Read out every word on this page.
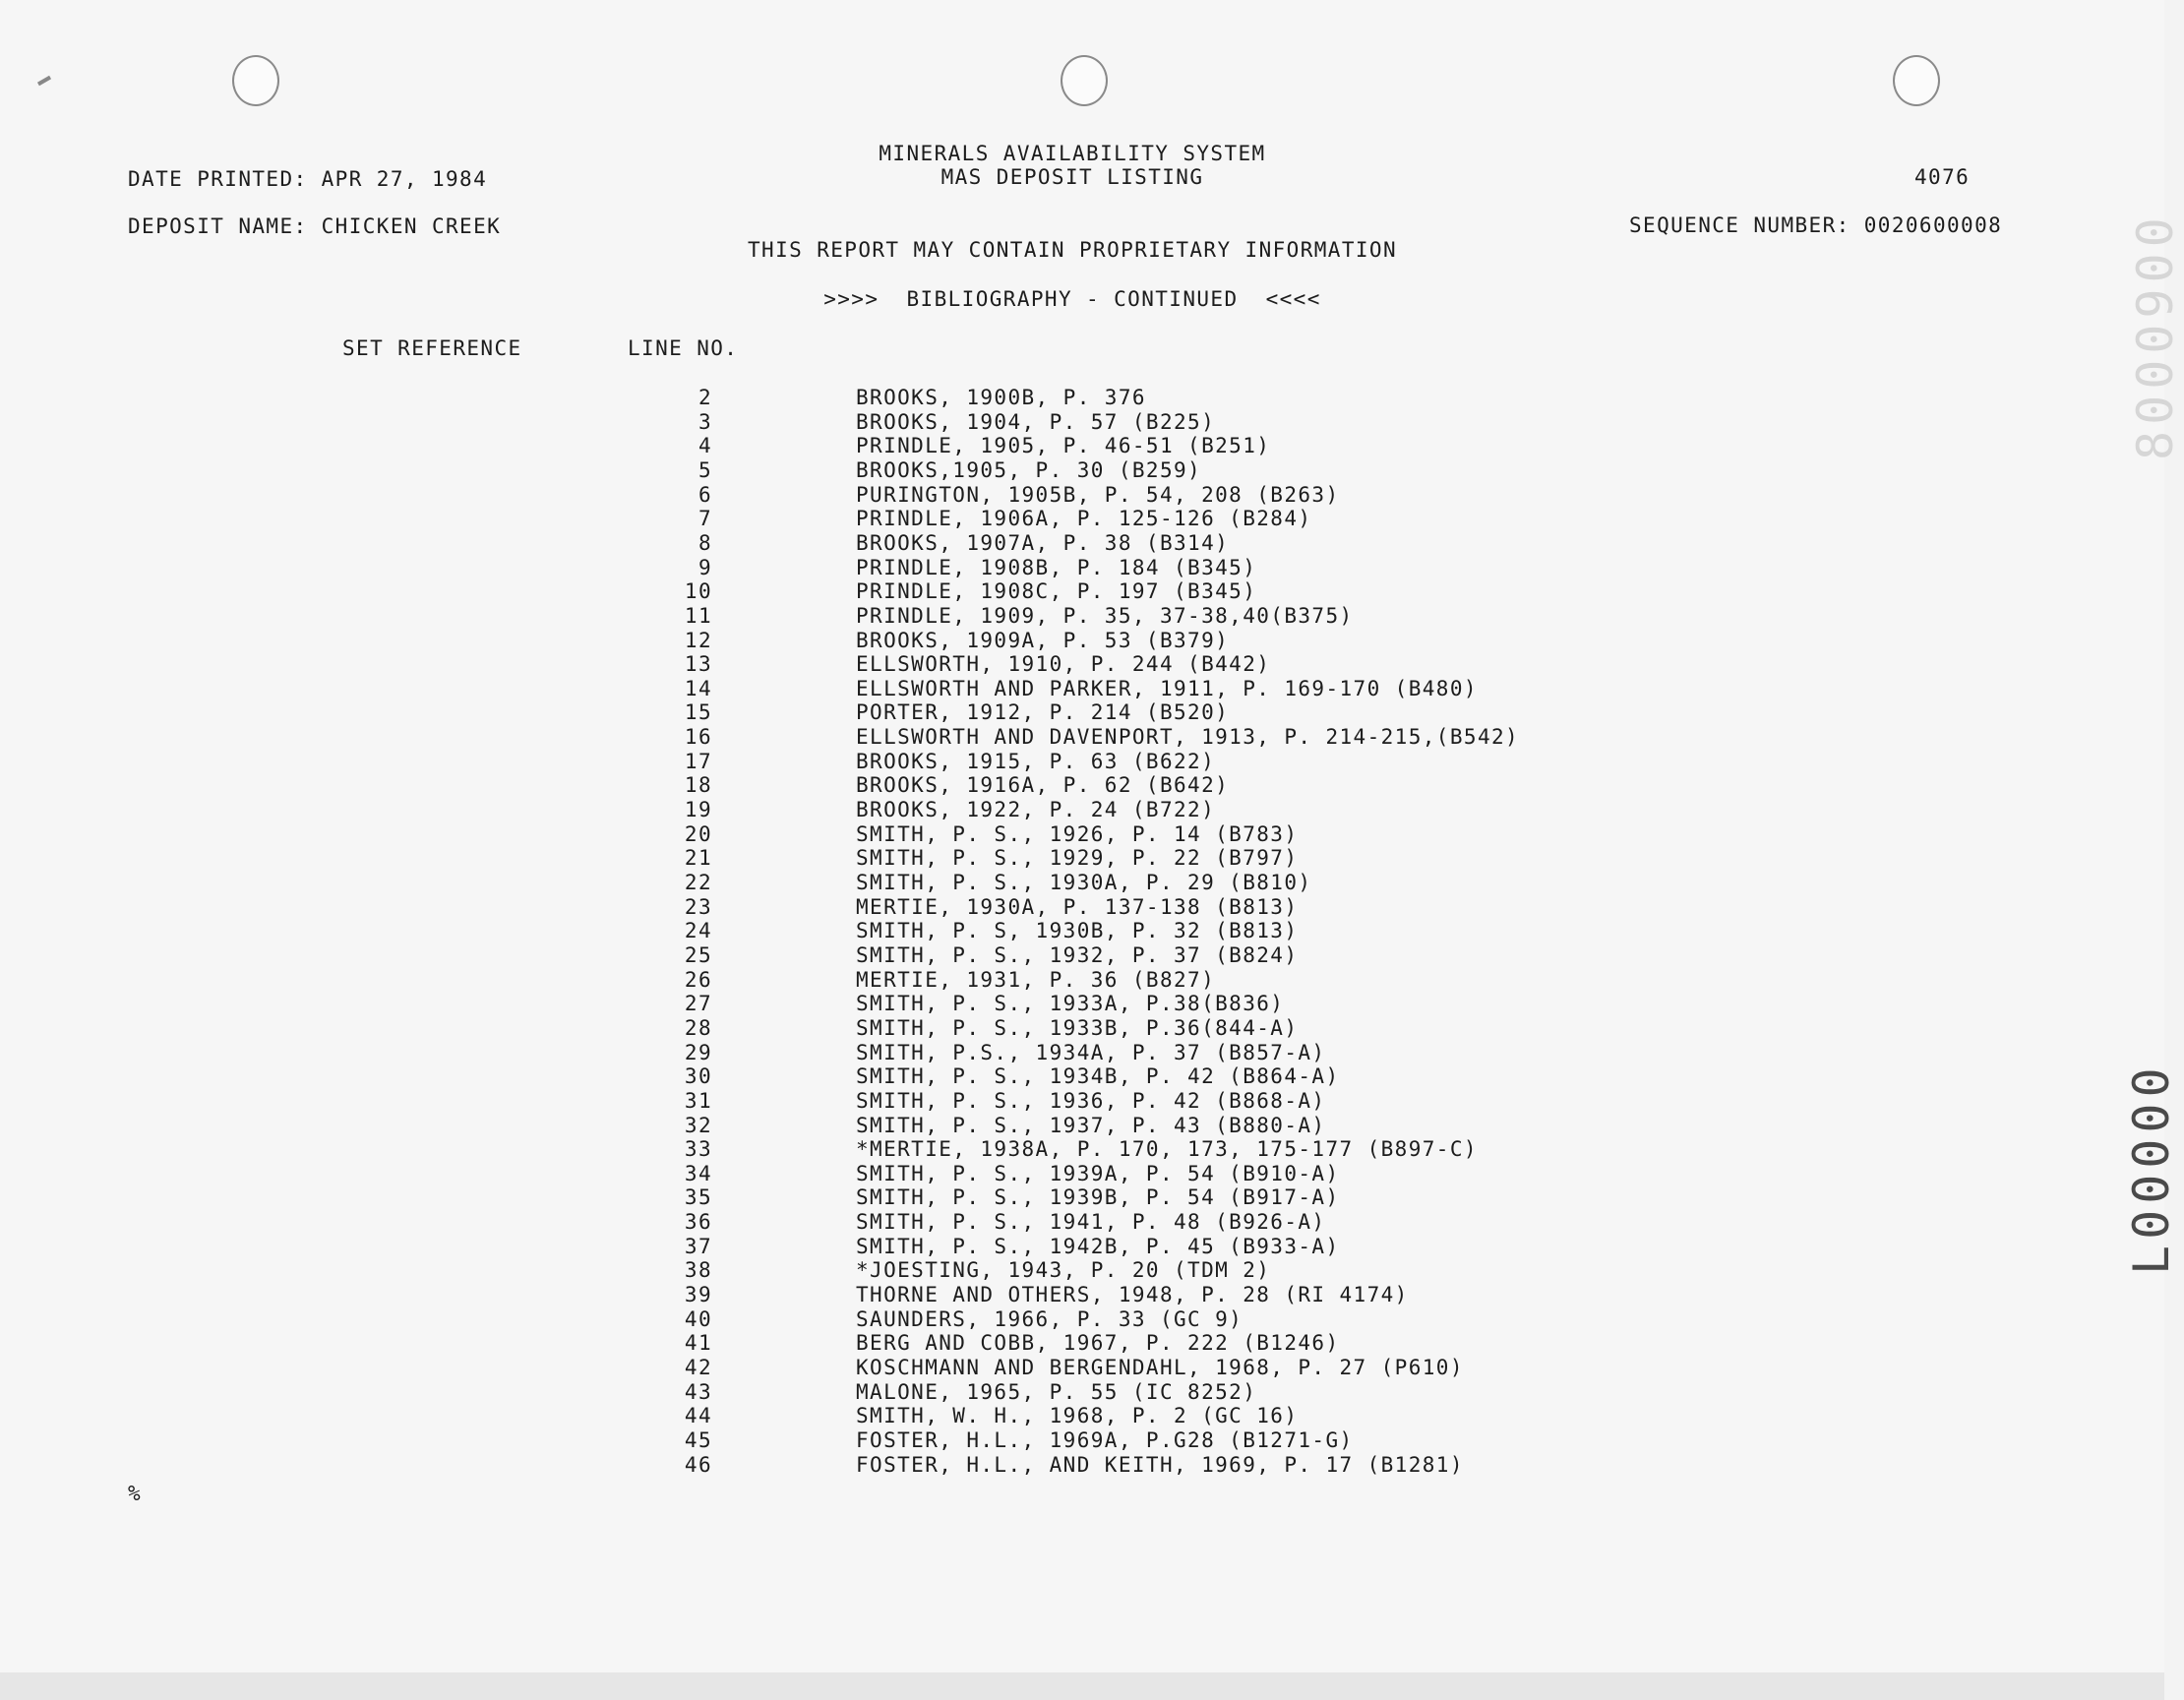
MINERALS AVAILABILITY SYSTEM
MAS DEPOSIT LISTING
DATE PRINTED: APR 27, 1984	4076
DEPOSIT NAME: CHICKEN CREEK	SEQUENCE NUMBER: 0020600008
THIS REPORT MAY CONTAIN PROPRIETARY INFORMATION
>>>>  BIBLIOGRAPHY - CONTINUED  <<<<
SET REFERENCE	LINE NO.
2	BROOKS, 1900B, P. 376
3	BROOKS, 1904, P. 57 (B225)
4	PRINDLE, 1905, P. 46-51 (B251)
5	BROOKS,1905, P. 30 (B259)
6	PURINGTON, 1905B, P. 54, 208 (B263)
7	PRINDLE, 1906A, P. 125-126 (B284)
8	BROOKS, 1907A, P. 38 (B314)
9	PRINDLE, 1908B, P. 184 (B345)
10	PRINDLE, 1908C, P. 197 (B345)
11	PRINDLE, 1909, P. 35, 37-38,40(B375)
12	BROOKS, 1909A, P. 53 (B379)
13	ELLSWORTH, 1910, P. 244 (B442)
14	ELLSWORTH AND PARKER, 1911, P. 169-170 (B480)
15	PORTER, 1912, P. 214 (B520)
16	ELLSWORTH AND DAVENPORT, 1913, P. 214-215,(B542)
17	BROOKS, 1915, P. 63 (B622)
18	BROOKS, 1916A, P. 62 (B642)
19	BROOKS, 1922, P. 24 (B722)
20	SMITH, P. S., 1926, P. 14 (B783)
21	SMITH, P. S., 1929, P. 22 (B797)
22	SMITH, P. S., 1930A, P. 29 (B810)
23	MERTIE, 1930A, P. 137-138 (B813)
24	SMITH, P. S, 1930B, P. 32 (B813)
25	SMITH, P. S., 1932, P. 37 (B824)
26	MERTIE, 1931, P. 36 (B827)
27	SMITH, P. S., 1933A, P.38(B836)
28	SMITH, P. S., 1933B, P.36(844-A)
29	SMITH, P.S., 1934A, P. 37 (B857-A)
30	SMITH, P. S., 1934B, P. 42 (B864-A)
31	SMITH, P. S., 1936, P. 42 (B868-A)
32	SMITH, P. S., 1937, P. 43 (B880-A)
33	*MERTIE, 1938A, P. 170, 173, 175-177 (B897-C)
34	SMITH, P. S., 1939A, P. 54 (B910-A)
35	SMITH, P. S., 1939B, P. 54 (B917-A)
36	SMITH, P. S., 1941, P. 48 (B926-A)
37	SMITH, P. S., 1942B, P. 45 (B933-A)
38	*JOESTING, 1943, P. 20 (TDM 2)
39	THORNE AND OTHERS, 1948, P. 28 (RI 4174)
40	SAUNDERS, 1966, P. 33 (GC 9)
41	BERG AND COBB, 1967, P. 222 (B1246)
42	KOSCHMANN AND BERGENDAHL, 1968, P. 27 (P610)
43	MALONE, 1965, P. 55 (IC 8252)
44	SMITH, W. H., 1968, P. 2 (GC 16)
45	FOSTER, H.L., 1969A, P.G28 (B1271-G)
46	FOSTER, H.L., AND KEITH, 1969, P. 17 (B1281)
%
L00000
8000900
